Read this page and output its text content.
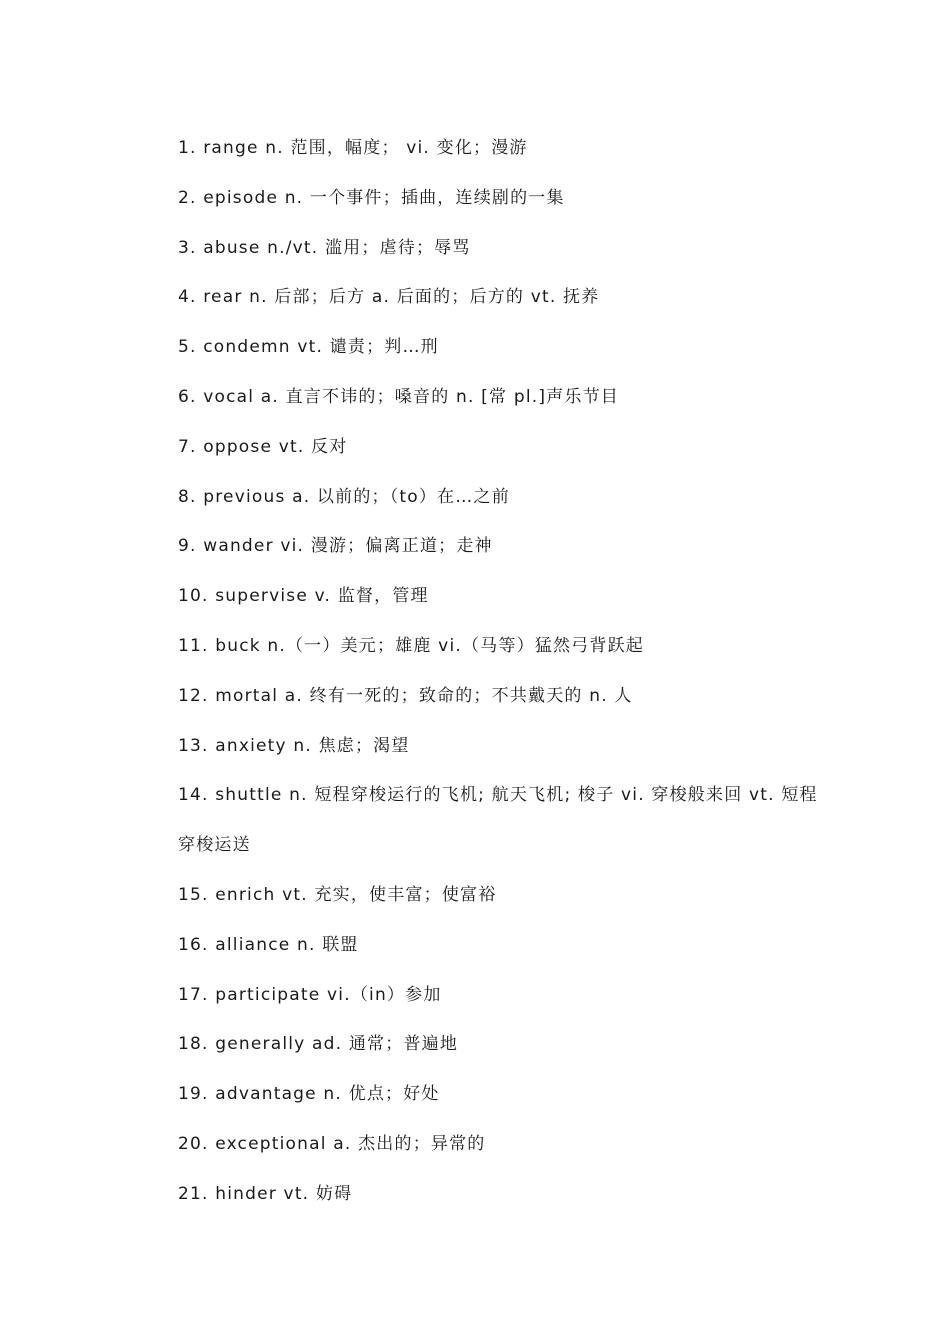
1. range n. 范围，幅度； vi. 变化；漫游
2. episode n. 一个事件；插曲，连续剧的一集
3. abuse n./vt. 滥用；虐待；辱骂
4. rear n. 后部；后方 a. 后面的；后方的 vt. 抚养
5. condemn vt. 谴责；判…刑
6. vocal a. 直言不讳的；嗓音的 n. [常 pl.]声乐节目
7. oppose vt. 反对
8. previous a. 以前的；（to）在…之前
9. wander vi. 漫游；偏离正道；走神
10. supervise v. 监督，管理
11. buck n.（一）美元；雄鹿 vi.（马等）猛然弓背跃起
12. mortal a. 终有一死的；致命的；不共戴天的 n. 人
13. anxiety n. 焦虑；渴望
14. shuttle n. 短程穿梭运行的飞机; 航天飞机; 梭子 vi. 穿梭般来回 vt. 短程穿梭运送
15. enrich vt. 充实，使丰富；使富裕
16. alliance n. 联盟
17. participate vi.（in）参加
18. generally ad. 通常；普遍地
19. advantage n. 优点；好处
20. exceptional a. 杰出的；异常的
21. hinder vt. 妨碍
